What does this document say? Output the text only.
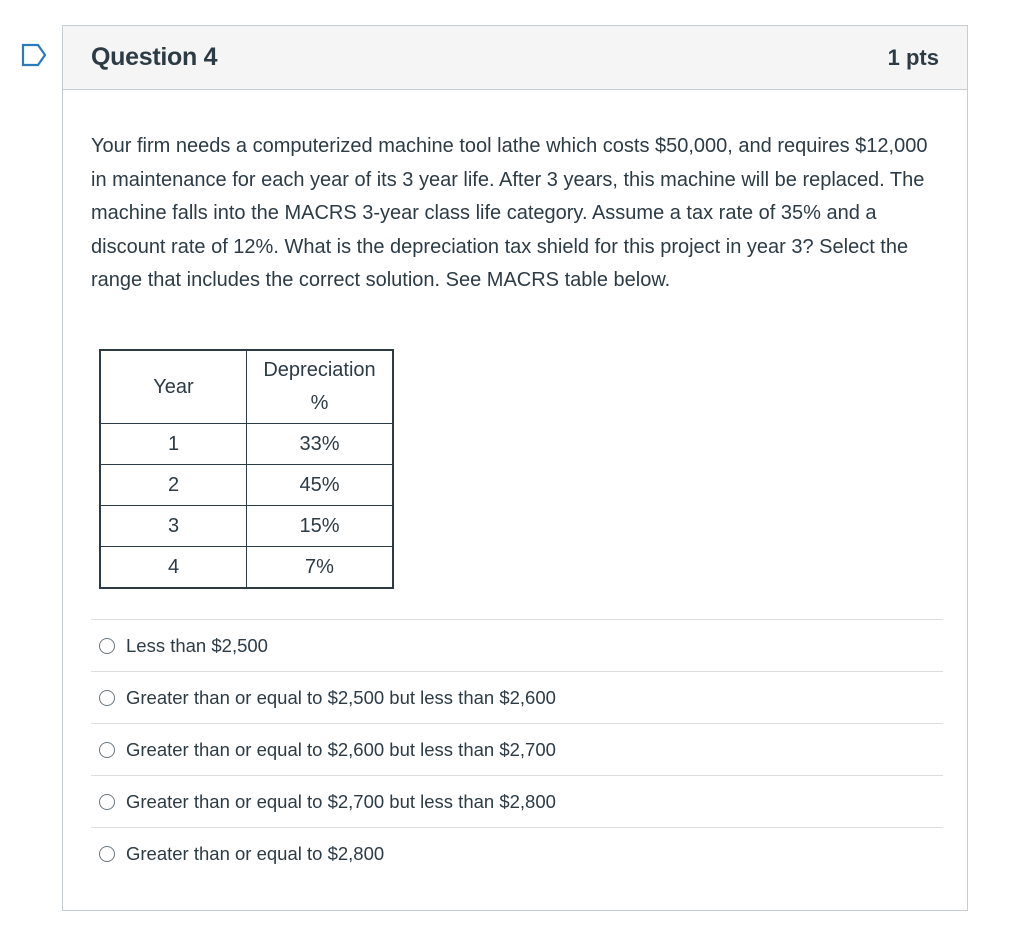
Question 4	1 pts

Your firm needs a computerized machine tool lathe which costs $50,000, and requires $12,000 in maintenance for each year of its 3 year life. After 3 years, this machine will be replaced. The machine falls into the MACRS 3-year class life category. Assume a tax rate of 35% and a discount rate of 12%. What is the depreciation tax shield for this project in year 3? Select the range that includes the correct solution. See MACRS table below.

Year	Depreciation
%
1	33%
2	45%
3	15%
4	7%
Less than $2,500
Greater than or equal to $2,500 but less than $2,600
Greater than or equal to $2,600 but less than $2,700
Greater than or equal to $2,700 but less than $2,800
Greater than or equal to $2,800
